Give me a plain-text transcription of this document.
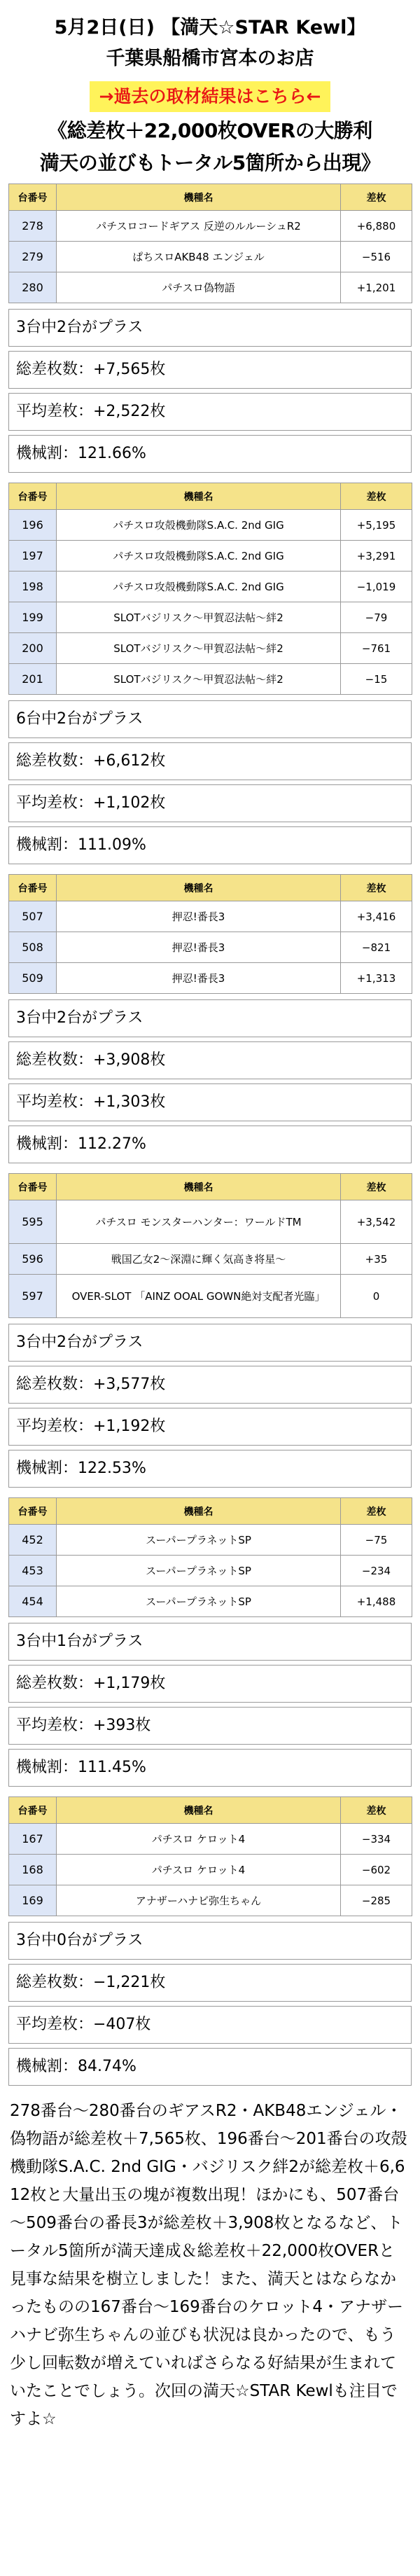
5月2日(日) 【満天☆STAR Kewl】
千葉県船橋市宮本のお店
→過去の取材結果はこちら←
《総差枚＋22,000枚OVERの大勝利
満天の並びもトータル5箇所から出現》
台番号	機種名	差枚
278	パチスロコードギアス 反逆のルルーシュR2	+6,880
279	ぱちスロAKB48 エンジェル	−516
280	パチスロ偽物語	+1,201
3台中2台がプラス
総差枚数：+7,565枚
平均差枚：+2,522枚
機械割：121.66%
台番号	機種名	差枚
196	パチスロ攻殻機動隊S.A.C. 2nd GIG	+5,195
197	パチスロ攻殻機動隊S.A.C. 2nd GIG	+3,291
198	パチスロ攻殻機動隊S.A.C. 2nd GIG	−1,019
199	SLOTバジリスク～甲賀忍法帖～絆2	−79
200	SLOTバジリスク～甲賀忍法帖～絆2	−761
201	SLOTバジリスク～甲賀忍法帖～絆2	−15
6台中2台がプラス
総差枚数：+6,612枚
平均差枚：+1,102枚
機械割：111.09%
台番号	機種名	差枚
507	押忍!番長3	+3,416
508	押忍!番長3	−821
509	押忍!番長3	+1,313
3台中2台がプラス
総差枚数：+3,908枚
平均差枚：+1,303枚
機械割：112.27%
台番号	機種名	差枚
595	パチスロ モンスターハンター：ワールドTM	+3,542
596	戦国乙女2～深淵に輝く気高き将星～	+35
597	OVER-SLOT 「AINZ OOAL GOWN絶対支配者光臨」	0
3台中2台がプラス
総差枚数：+3,577枚
平均差枚：+1,192枚
機械割：122.53%
台番号	機種名	差枚
452	スーパープラネットSP	−75
453	スーパープラネットSP	−234
454	スーパープラネットSP	+1,488
3台中1台がプラス
総差枚数：+1,179枚
平均差枚：+393枚
機械割：111.45%
台番号	機種名	差枚
167	パチスロ ケロット4	−334
168	パチスロ ケロット4	−602
169	アナザーハナビ弥生ちゃん	−285
3台中0台がプラス
総差枚数：−1,221枚
平均差枚：−407枚
機械割：84.74%
278番台～280番台のギアスR2・AKB48エンジェル・偽物語が総差枚＋7,565枚、196番台～201番台の攻殻機動隊S.A.C. 2nd GIG・バジリスク絆2が総差枚＋6,612枚と大量出玉の塊が複数出現！ほかにも、507番台～509番台の番長3が総差枚＋3,908枚となるなど、トータル5箇所が満天達成＆総差枚＋22,000枚OVERと見事な結果を樹立しました！また、満天とはならなかったものの167番台～169番台のケロット4・アナザーハナビ弥生ちゃんの並びも状況は良かったので、もう少し回転数が増えていればさらなる好結果が生まれていたことでしょう。次回の満天☆STAR Kewlも注目ですよ☆
